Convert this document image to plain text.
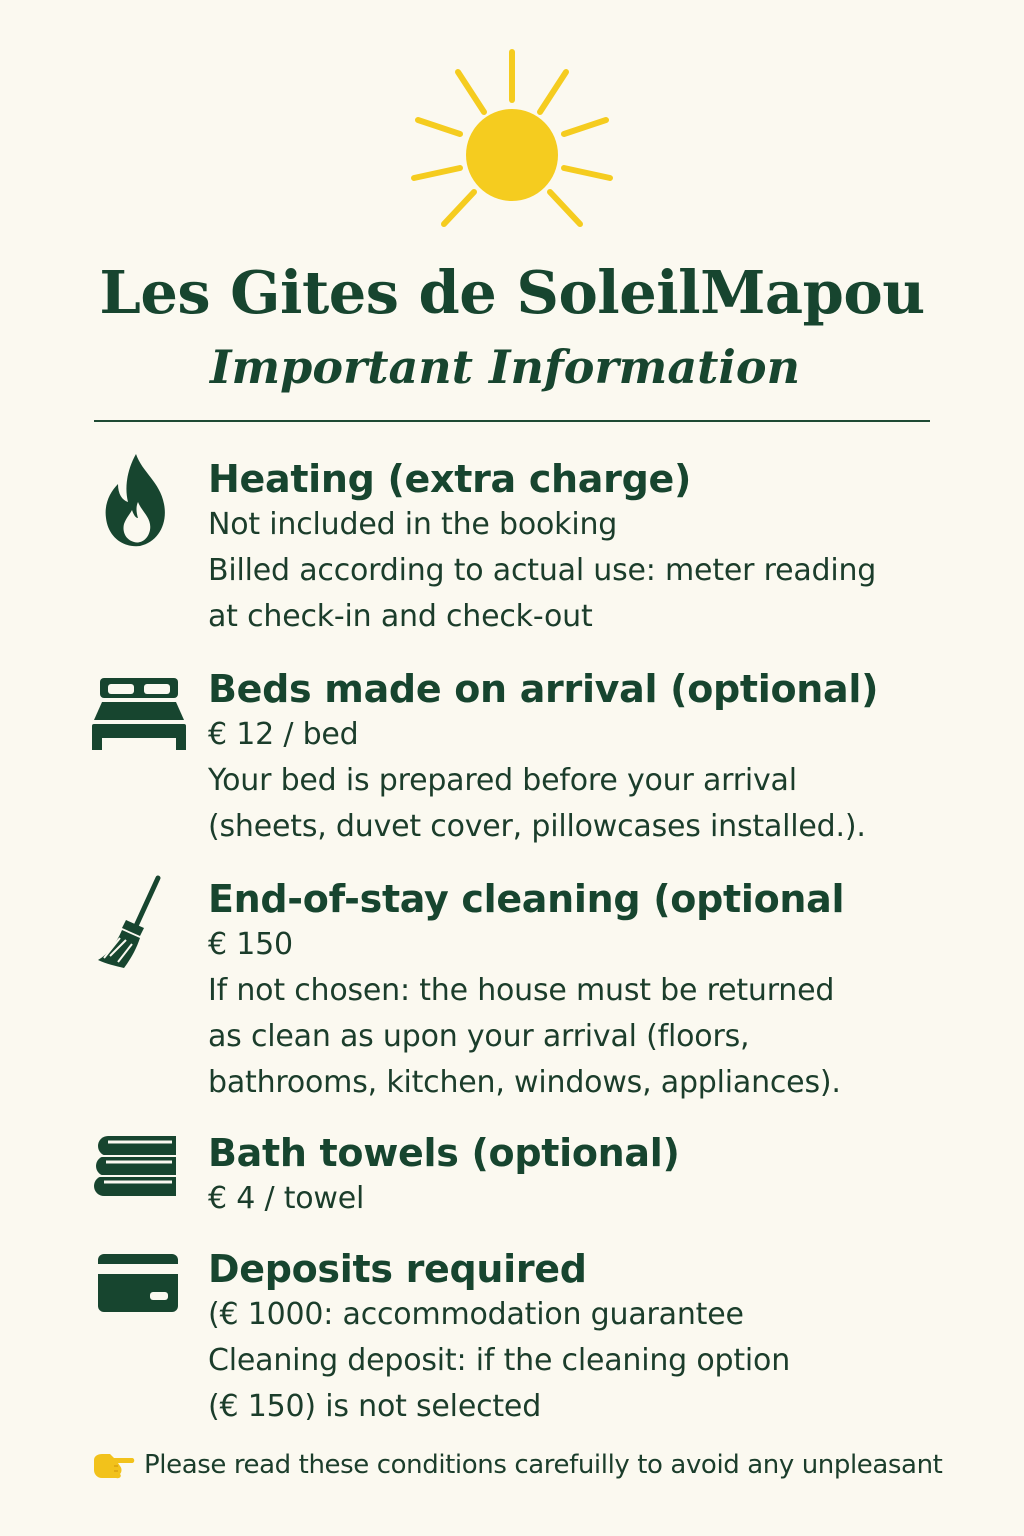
Les Gites de SoleilMapou
Important Information
Heating (extra charge)
Not included in the booking
Billed according to actual use: meter reading
at check-in and check-out
Beds made on arrival (optional)
€ 12 / bed
Your bed is prepared before your arrival
(sheets, duvet cover, pillowcases installed.).
End-of-stay cleaning (optional
€ 150
If not chosen: the house must be returned
as clean as upon your arrival (floors,
bathrooms, kitchen, windows, appliances).
Bath towels (optional)
€ 4 / towel
Deposits required
(€ 1000: accommodation guarantee
Cleaning deposit: if the cleaning option
(€ 150) is not selected
Please read these conditions carefuilly to avoid any unpleasant
